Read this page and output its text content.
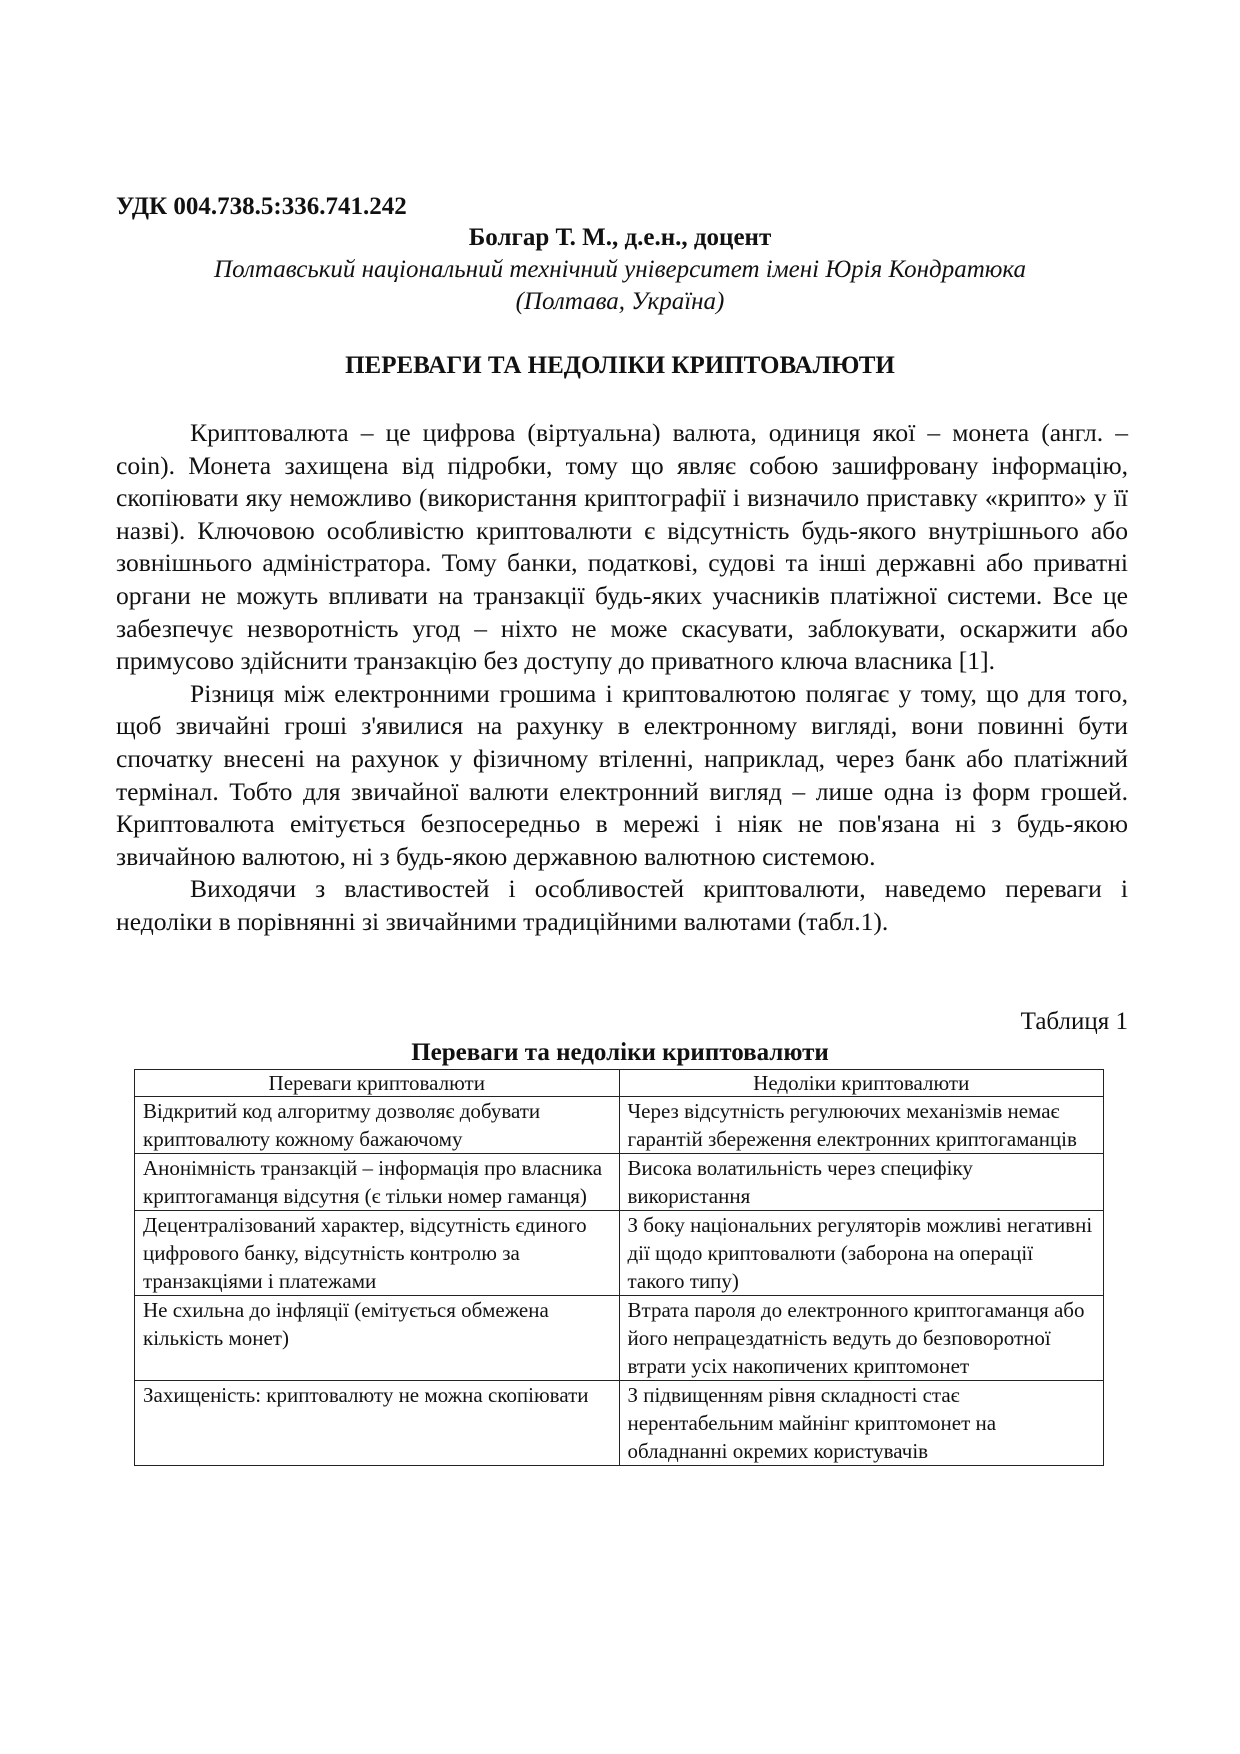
УДК 004.738.5:336.741.242
Болгар Т. М., д.е.н., доцент
Полтавський національний технічний університет імені Юрія Кондратюка
(Полтава, Україна)
ПЕРЕВАГИ ТА НЕДОЛІКИ КРИПТОВАЛЮТИ

Криптовалюта – це цифрова (віртуальна) валюта, одиниця якої – монета (англ. – coin). Монета захищена від підробки, тому що являє собою зашифровану інформацію, скопіювати яку неможливо (використання криптографії і визначило приставку «крипто» у її назві). Ключовою особливістю криптовалюти є відсутність будь-якого внутрішнього або зовнішнього адміністратора. Тому банки, податкові, судові та інші державні або приватні органи не можуть впливати на транзакції будь-яких учасників платіжної системи. Все це забезпечує незворотність угод – ніхто не може скасувати, заблокувати, оскаржити або примусово здійснити транзакцію без доступу до приватного ключа власника [1].

Різниця між електронними грошима і криптовалютою полягає у тому, що для того, щоб звичайні гроші з'явилися на рахунку в електронному вигляді, вони повинні бути спочатку внесені на рахунок у фізичному втіленні, наприклад, через банк або платіжний термінал. Тобто для звичайної валюти електронний вигляд – лише одна із форм грошей. Криптовалюта емітується безпосередньо в мережі і ніяк не пов'язана ні з будь-якою звичайною валютою, ні з будь-якою державною валютною системою.

Виходячи з властивостей і особливостей криптовалюти, наведемо переваги і недоліки в порівнянні зі звичайними традиційними валютами (табл.1).

Таблиця 1
Переваги та недоліки криптовалюти
Переваги криптовалюти	Недоліки криптовалюти
Відкритий код алгоритму дозволяє добувати криптовалюту кожному бажаючому	Через відсутність регулюючих механізмів немає гарантій збереження електронних криптогаманців
Анонімність транзакцій – інформація про власника криптогаманця відсутня (є тільки номер гаманця)	Висока волатильність через специфіку використання
Децентралізований характер, відсутність єдиного цифрового банку, відсутність контролю за транзакціями і платежами	З боку національних регуляторів можливі негативні дії щодо криптовалюти (заборона на операції такого типу)
Не схильна до інфляції (емітується обмежена кількість монет)	Втрата пароля до електронного криптогаманця або його непрацездатність ведуть до безповоротної втрати усіх накопичених криптомонет
Захищеність: криптовалюту не можна скопіювати	З підвищенням рівня складності стає нерентабельним майнінг криптомонет на обладнанні окремих користувачів
